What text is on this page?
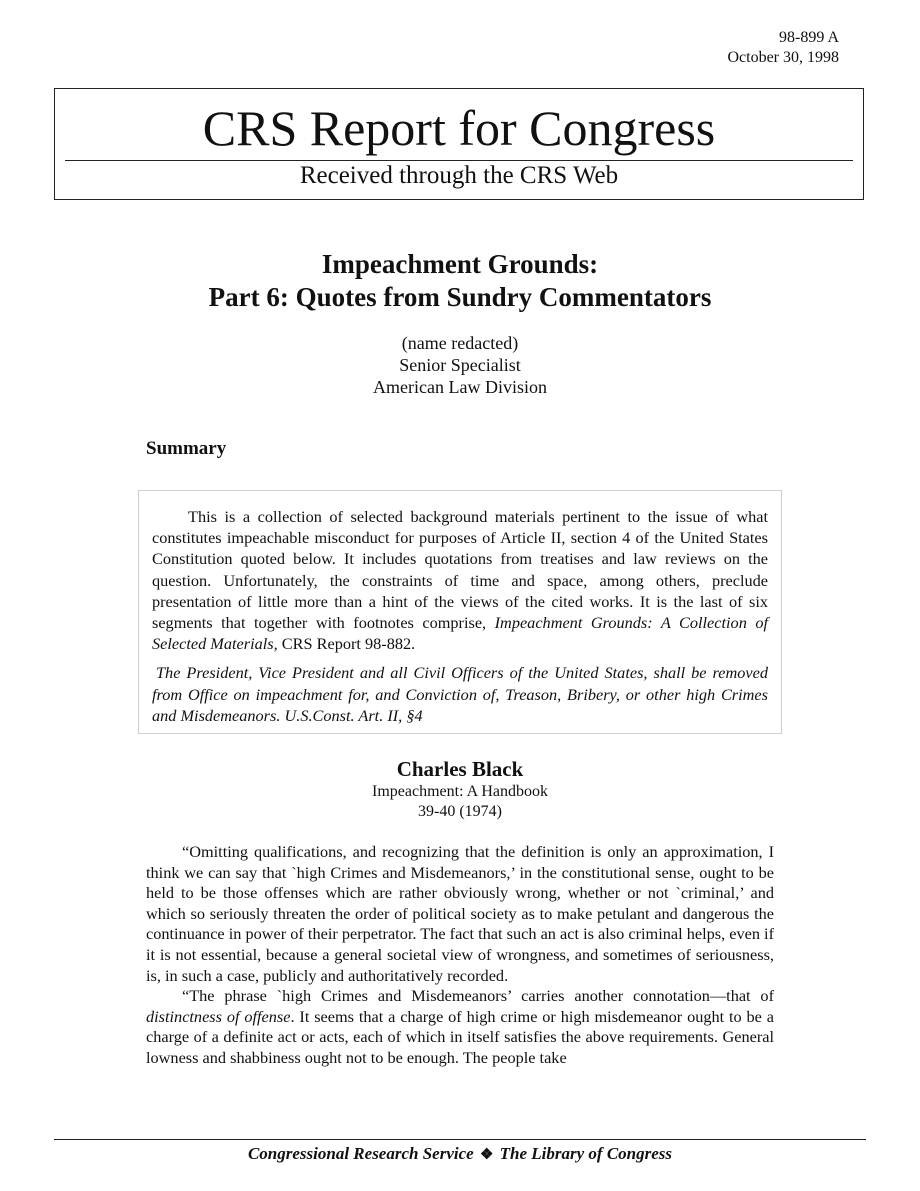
98-899 A
October 30, 1998
CRS Report for Congress
Received through the CRS Web
Impeachment Grounds:
Part 6: Quotes from Sundry Commentators
(name redacted)
Senior Specialist
American Law Division
Summary

This is a collection of selected background materials pertinent to the issue of what constitutes impeachable misconduct for purposes of Article II, section 4 of the United States Constitution quoted below. It includes quotations from treatises and law reviews on the question. Unfortunately, the constraints of time and space, among others, preclude presentation of little more than a hint of the views of the cited works. It is the last of six segments that together with footnotes comprise, Impeachment Grounds: A Collection of Selected Materials, CRS Report 98-882.

The President, Vice President and all Civil Officers of the United States, shall be removed from Office on impeachment for, and Conviction of, Treason, Bribery, or other high Crimes and Misdemeanors. U.S.Const. Art. II, §4

Charles Black
Impeachment: A Handbook
39-40 (1974)

“Omitting qualifications, and recognizing that the definition is only an approximation, I think we can say that `high Crimes and Misdemeanors,’ in the constitutional sense, ought to be held to be those offenses which are rather obviously wrong, whether or not `criminal,’ and which so seriously threaten the order of political society as to make petulant and dangerous the continuance in power of their perpetrator. The fact that such an act is also criminal helps, even if it is not essential, because a general societal view of wrongness, and sometimes of seriousness, is, in such a case, publicly and authoritatively recorded.

“The phrase `high Crimes and Misdemeanors’ carries another connotation—that of distinctness of offense. It seems that a charge of high crime or high misdemeanor ought to be a charge of a definite act or acts, each of which in itself satisfies the above requirements. General lowness and shabbiness ought not to be enough. The people take

Congressional Research Service ❖ The Library of Congress
